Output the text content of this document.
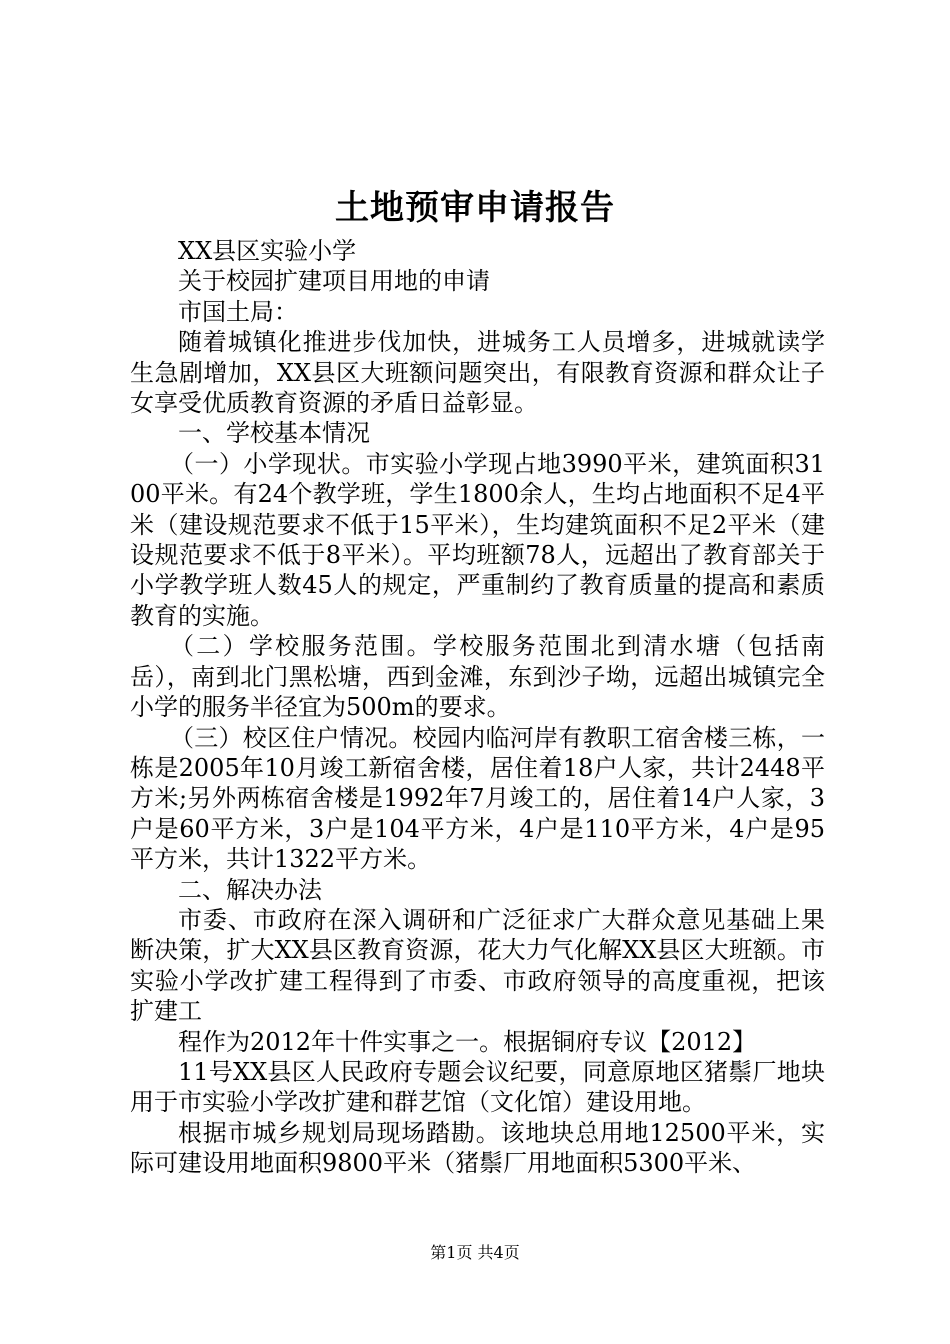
土地预审申请报告

XX县区实验小学

关于校园扩建项目用地的申请

市国土局：

随着城镇化推进步伐加快，进城务工人员增多，进城就读学生急剧增加，XX县区大班额问题突出，有限教育资源和群众让子女享受优质教育资源的矛盾日益彰显。

一、学校基本情况

（一）小学现状。市实验小学现占地3990平米，建筑面积3100平米。有24个教学班，学生1800余人，生均占地面积不足4平米（建设规范要求不低于15平米），生均建筑面积不足2平米（建设规范要求不低于8平米）。平均班额78人，远超出了教育部关于小学教学班人数45人的规定，严重制约了教育质量的提高和素质教育的实施。

（二）学校服务范围。学校服务范围北到清水塘（包括南岳），南到北门黑松塘，西到金滩，东到沙子坳，远超出城镇完全小学的服务半径宜为500m的要求。

（三）校区住户情况。校园内临河岸有教职工宿舍楼三栋，一栋是2005年10月竣工新宿舍楼，居住着18户人家，共计2448平方米;另外两栋宿舍楼是1992年7月竣工的，居住着14户人家，3户是60平方米，3户是104平方米，4户是110平方米，4户是95平方米，共计1322平方米。

二、解决办法

市委、市政府在深入调研和广泛征求广大群众意见基础上果断决策，扩大XX县区教育资源，花大力气化解XX县区大班额。市实验小学改扩建工程得到了市委、市政府领导的高度重视，把该扩建工

程作为2012年十件实事之一。根据铜府专议【2012】

11号XX县区人民政府专题会议纪要，同意原地区猪鬃厂地块用于市实验小学改扩建和群艺馆（文化馆）建设用地。

根据市城乡规划局现场踏勘。该地块总用地12500平米，实际可建设用地面积9800平米（猪鬃厂用地面积5300平米、

第1页 共4页
